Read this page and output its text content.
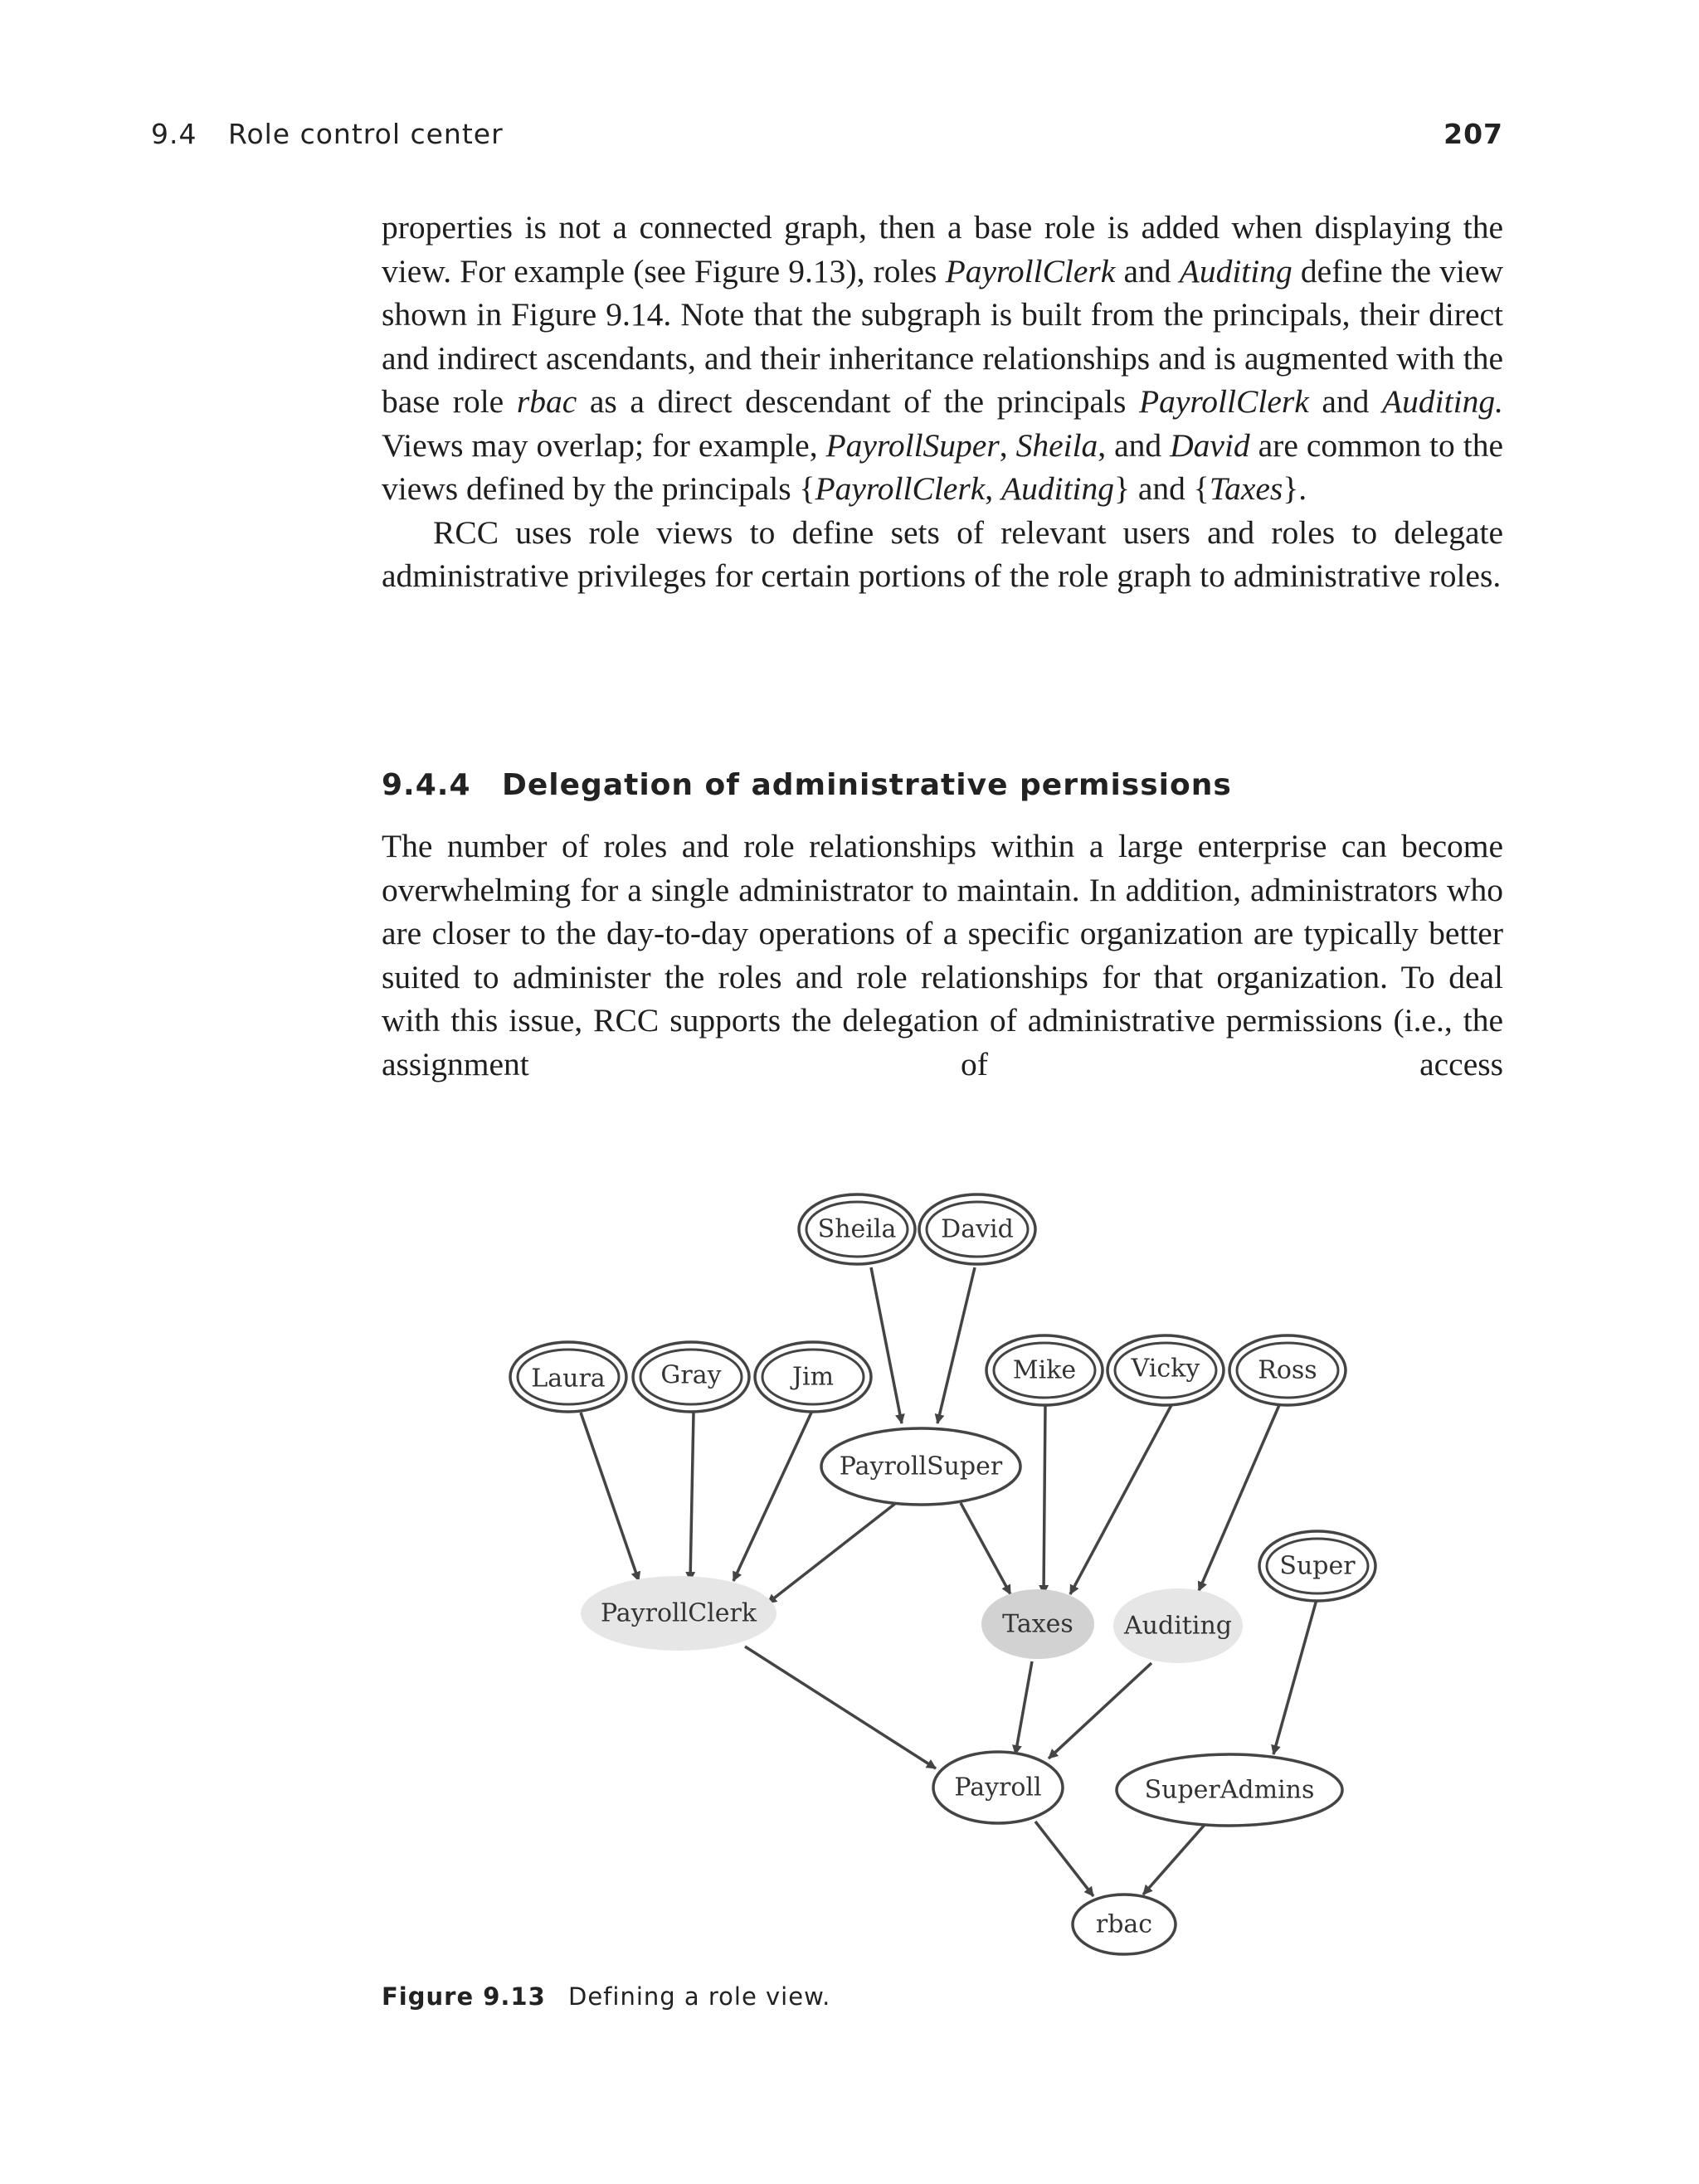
9.4 Role control center	207

properties is not a connected graph, then a base role is added when displaying the view. For example (see Figure 9.13), roles PayrollClerk and Auditing define the view shown in Figure 9.14. Note that the subgraph is built from the principals, their direct and indirect ascendants, and their inheritance relationships and is augmented with the base role rbac as a direct descendant of the principals PayrollClerk and Auditing. Views may overlap; for example, PayrollSuper, Sheila, and David are common to the views defined by the principals {PayrollClerk, Auditing} and {Taxes}.

RCC uses role views to define sets of relevant users and roles to delegate administrative privileges for certain portions of the role graph to administrative roles.

9.4.4 Delegation of administrative permissions

The number of roles and role relationships within a large enterprise can become overwhelming for a single administrator to maintain. In addition, administrators who are closer to the day-to-day operations of a specific organization are typically better suited to administer the roles and role relationships for that organization. To deal with this issue, RCC supports the delegation of administrative permissions (i.e., the assignment of access

Sheila David
Laura Gray	Jim	Mike Vicky Ross
PayrollSuper
Super
PayrollClerk	Taxes Auditing
Payroll	SuperAdmins
rbac
Figure 9.13 Defining a role view.
